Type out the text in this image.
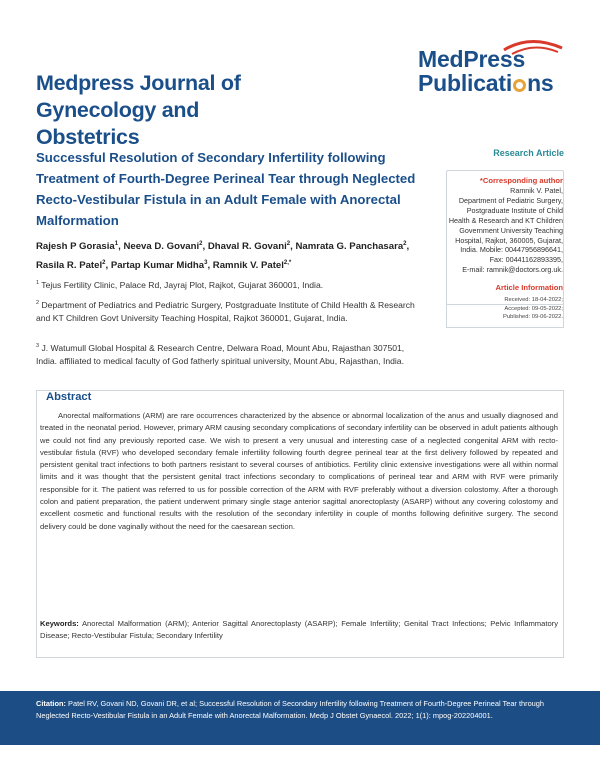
Medpress Journal of
Gynecology and Obstetrics
MedPress
Publicati ns
Successful Resolution of Secondary Infertility following Treatment of Fourth-Degree Perineal Tear through Neglected Recto-Vestibular Fistula in an Adult Female with Anorectal Malformation
Rajesh P Gorasia$^1$, Neeva D. Govani$^2$, Dhaval R. Govani$^2$, Namrata G. Panchasara$^2$, Rasila R. Patel$^2$, Partap Kumar Midha$^3$, Ramnik V. Patel$^{2,*}$
$^1$ Tejus Fertility Clinic, Palace Rd, Jayraj Plot, Rajkot, Gujarat 360001, India.
$^2$ Department of Pediatrics and Pediatric Surgery, Postgraduate Institute of Child Health & Research and KT Children Govt University Teaching Hospital, Rajkot 360001, Gujarat, India.
$^3$ J. Watumull Global Hospital & Research Centre, Delwara Road, Mount Abu, Rajasthan 307501, India. affiliated to medical faculty of God fatherly spiritual university, Mount Abu, Rajasthan, India.
Research Article
*Corresponding author
Ramnik V. Patel,
Department of Pediatric Surgery,
Postgraduate Institute of Child
Health & Research and KT Children
Government University Teaching
Hospital, Rajkot, 360005, Gujarat,
India. Mobile: 00447956896641,
Fax: 00441162893395,
E-mail: ramnik@doctors.org.uk.
Article Information
Received: 18-04-2022;
Accepted: 09-05-2022;
Published: 09-06-2022.
Abstract
Anorectal malformations (ARM) are rare occurrences characterized by the absence or abnormal localization of the anus and usually diagnosed and treated in the neonatal period. However, primary ARM causing secondary complications of secondary infertility can be observed in adult patients although we could not find any previously reported case. We wish to present a very unusual and interesting case of a neglected congenital ARM with recto-vestibular fistula (RVF) who developed secondary female infertility following fourth degree perineal tear at the first delivery followed by repeated and persistent genital tract infections to both partners resistant to several courses of antibiotics. Fertility clinic extensive investigations were all within normal limits and it was thought that the persistent genital tract infections secondary to complications of perineal tear and ARM with RVF were primarily responsible for it. The patient was referred to us for possible correction of the ARM with RVF preferably without a diversion colostomy. After a thorough colon and patient preparation, the patient underwent primary single stage anterior sagittal anorectoplasty (ASARP) without any covering colostomy and excellent cosmetic and functional results with the resolution of the secondary infertility in couple of months following definitive surgery. The second delivery could be done vaginally without the need for the caesarean section.
Keywords: Anorectal Malformation (ARM); Anterior Sagittal Anorectoplasty (ASARP); Female Infertility; Genital Tract Infections; Pelvic Inflammatory Disease; Recto-Vestibular Fistula; Secondary Infertility
Citation: Patel RV, Govani ND, Govani DR, et al; Successful Resolution of Secondary Infertility following Treatment of Fourth-Degree Perineal Tear through Neglected Recto-Vestibular Fistula in an Adult Female with Anorectal Malformation. Medp J Obstet Gynaecol. 2022; 1(1): mpog-202204001.
